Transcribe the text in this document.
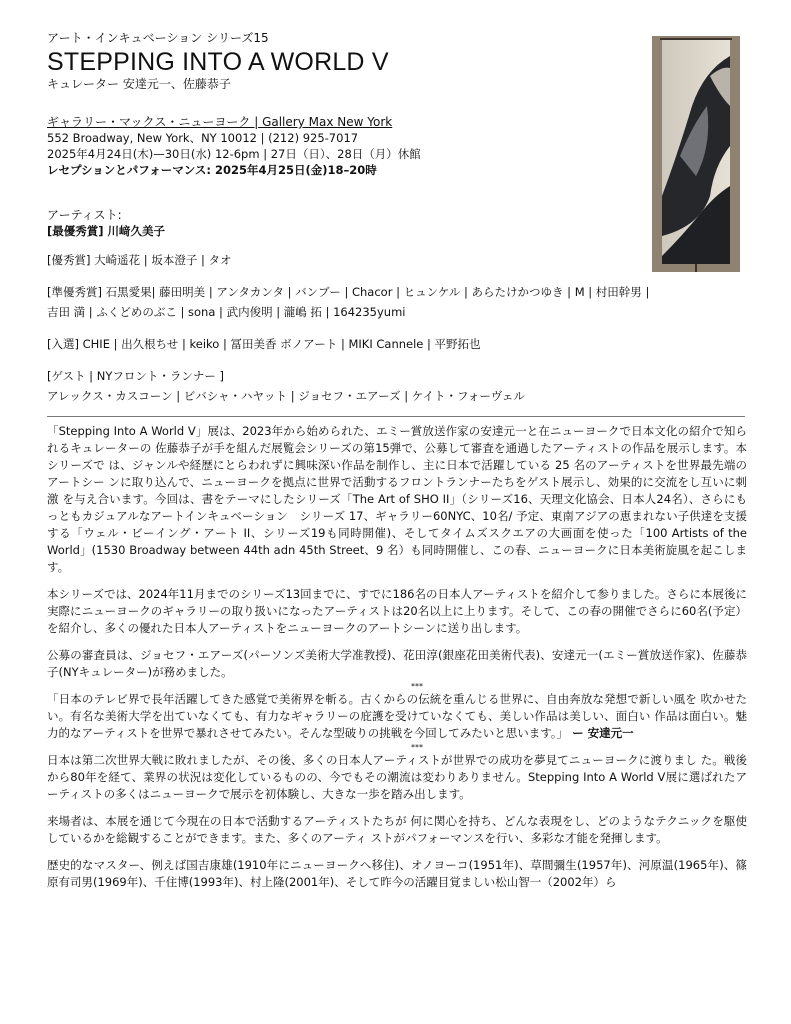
アート・インキュベーション シリーズ15

STEPPING INTO A WORLD V

キュレーター 安達元一、佐藤恭子

ギャラリー・マックス・ニューヨーク | Gallery Max New York

552 Broadway, New York、NY 10012 | (212) 925-7017

2025年4月24日(木)—30日(水) 12-6pm | 27日（日）、28日（月）休館

レセプションとパフォーマンス: 2025年4月25日(金)18–20時

アーティスト:

[最優秀賞] 川﨑久美子

[優秀賞] 大崎遥花 | 坂本澄子 | タオ

[準優秀賞] 石黒愛果| 藤田明美 | アンタカンタ | バンブー | Chacor | ヒュンケル | あらたけかつゆき | M | 村田幹男 |

吉田 満 | ふくどめのぶこ | sona | 武内俊明 | 瀧嶋 拓 | 164235yumi

[入選] CHIE | 出久根ちせ | keiko | 冨田美香 ボノアート | MIKI Cannele | 平野拓也

[ゲスト | NYフロント・ランナー ]

アレックス・カスコーン | ビバシャ・ハヤット | ジョセフ・エアーズ | ケイト・フォーヴェル

「Stepping Into A World V」展は、2023年から始められた、エミー賞放送作家の安達元一と在ニューヨークで日本文化の紹介で知られるキュレーターの 佐藤恭子が手を組んだ展覧会シリーズの第15弾で、公募して審査を通過したアーティストの作品を展示します。本シリーズで は、ジャンルや経歴にとらわれずに興味深い作品を制作し、主に日本で活躍している 25 名のアーティストを世界最先端のアートシー ンに取り込んで、ニューヨークを拠点に世界で活動するフロントランナーたちをゲスト展示し、効果的に交流をし互いに刺激 を与え合います。今回は、書をテーマにしたシリーズ「The Art of SHO II」（シリーズ16、天理文化協会、日本人24名）、さらにもっともカジュアルなアートインキュベーション　シリーズ 17、ギャラリー60NYC、10名/ 予定、東南アジアの恵まれない子供達を支援する「ウェル・ビーイング・アート II、シリーズ19も同時開催)、そしてタイムズスクエアの大画面を使った「100 Artists of the World」(1530 Broadway between 44th adn 45th Street、9 名）も同時開催し、この春、ニューヨークに日本美術旋風を起こします。

本シリーズでは、2024年11月までのシリーズ13回までに、すでに186名の日本人アーティストを紹介して参りました。さらに本展後に実際にニューヨークのギャラリーの取り扱いになったアーティストは20名以上に上ります。そして、この春の開催でさらに60名(予定）を紹介し、多くの優れた日本人アーティストをニューヨークのアートシーンに送り出します。

公募の審査員は、ジョセフ・エアーズ(パーソンズ美術大学准教授)、花田淳(銀座花田美術代表)、安達元一(エミー賞放送作家)、佐藤恭子(NYキュレーター)が務めました。

***

「日本のテレビ界で長年活躍してきた感覚で美術界を斬る。古くからの伝統を重んじる世界に、自由奔放な発想で新しい風を 吹かせたい。有名な美術大学を出ていなくても、有力なギャラリーの庇護を受けていなくても、美しい作品は美しい、面白い 作品は面白い。魅力的なアーティストを世界で暴れさせてみたい。そんな型破りの挑戦を今回してみたいと思います。」 ー 安達元一

***

日本は第二次世界大戦に敗れましたが、その後、多くの日本人アーティストが世界での成功を夢見てニューヨークに渡りまし た。戦後から80年を経て、業界の状況は変化しているものの、今でもその潮流は変わりありません。Stepping Into A World V展に選ばれたアーティストの多くはニューヨークで展示を初体験し、大きな一歩を踏み出します。

来場者は、本展を通じて今現在の日本で活動するアーティストたちが 何に関心を持ち、どんな表現をし、どのようなテクニックを駆使しているかを総観することができます。また、多くのアーティ ストがパフォーマンスを行い、多彩な才能を発揮します。

歴史的なマスター、例えば国吉康雄(1910年にニューヨークへ移住)、オノヨーコ(1951年)、草間彌生(1957年)、河原温(1965年)、篠原有司男(1969年)、千住博(1993年)、村上隆(2001年)、そして昨今の活躍目覚ましい松山智一（2002年）ら
